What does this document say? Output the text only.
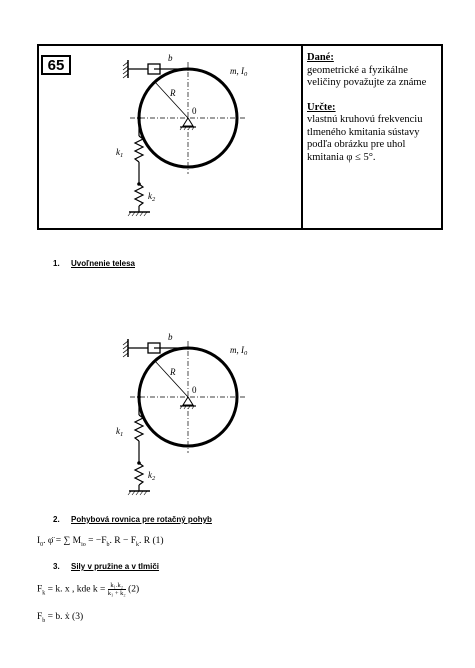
65	Dané:
geometrické a fyzikálne
veličiny považujte za známe
Určte:
vlastnú kruhovú frekvenciu
tlmeného kmitania sústavy
podľa obrázku pre uhol
kmitania φ ≤ 5°.
b
m, $I_0$
R
0
$k_1$
$k_2$
1. Uvoľnenie telesa
b
m, $I_0$
R
0
$k_1$
$k_2$
2. Pohybová rovnica pre rotačný pohyb
$I_0$. φ̈ = ∑ $M_{io} = -F_b$. $R - F_k$. R (1)
3. Sily v pružine a v tlmiči
$F_k = k$. x , kde $k = \frac{\text{k₁.k₂}}{\text{k₁ + k₂}} (2)$
$F_b = b$. ẋ (3)
